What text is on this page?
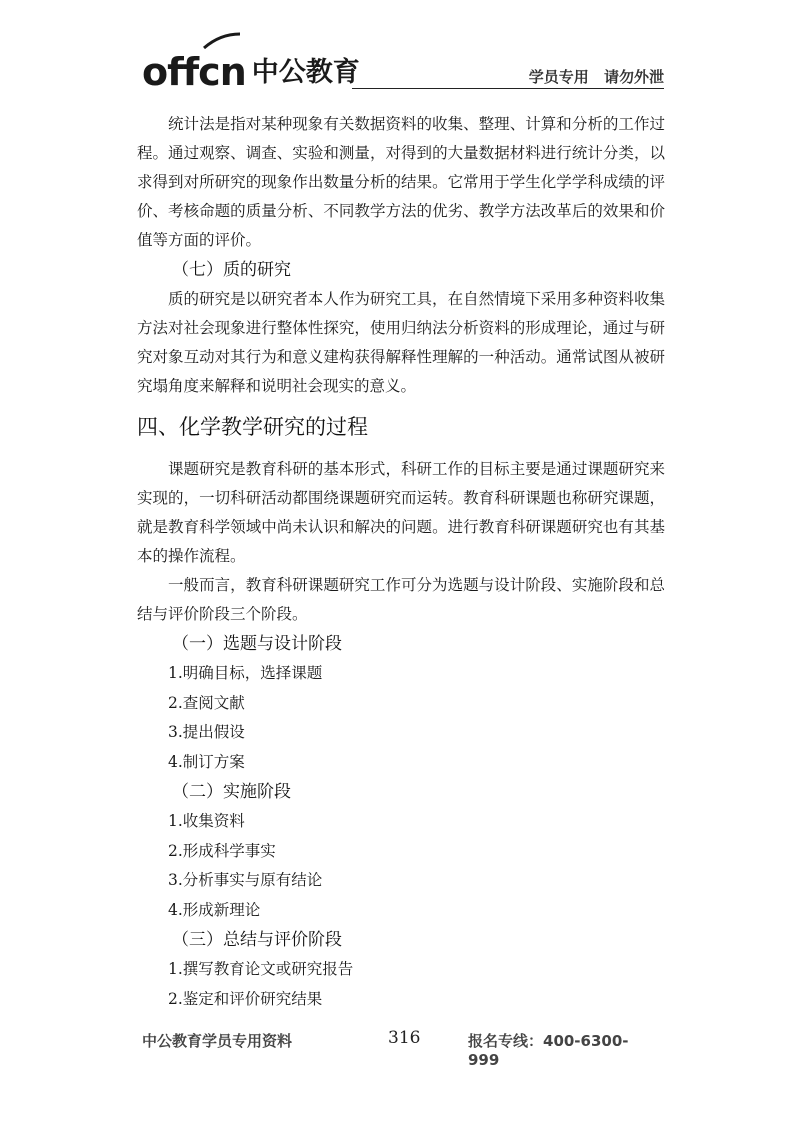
offcn 中公教育	学员专用 请勿外泄

统计法是指对某种现象有关数据资料的收集、整理、计算和分析的工作过程。通过观察、调查、实验和测量，对得到的大量数据材料进行统计分类，以求得到对所研究的现象作出数量分析的结果。它常用于学生化学学科成绩的评价、考核命题的质量分析、不同教学方法的优劣、教学方法改革后的效果和价值等方面的评价。

（七）质的研究

质的研究是以研究者本人作为研究工具，在自然情境下采用多种资料收集方法对社会现象进行整体性探究，使用归纳法分析资料的形成理论，通过与研究对象互动对其行为和意义建构获得解释性理解的一种活动。通常试图从被研究塌角度来解释和说明社会现实的意义。

四、化学教学研究的过程

课题研究是教育科研的基本形式，科研工作的目标主要是通过课题研究来实现的，一切科研活动都围绕课题研究而运转。教育科研课题也称研究课题，就是教育科学领域中尚未认识和解决的问题。进行教育科研课题研究也有其基本的操作流程。

一般而言，教育科研课题研究工作可分为选题与设计阶段、实施阶段和总结与评价阶段三个阶段。

（一）选题与设计阶段

1.明确目标，选择课题

2.查阅文献

3.提出假设

4.制订方案

（二）实施阶段

1.收集资料

2.形成科学事实

3.分析事实与原有结论

4.形成新理论

（三）总结与评价阶段

1.撰写教育论文或研究报告

2.鉴定和评价研究结果

中公教育学员专用资料	316	报名专线：400-6300-999
